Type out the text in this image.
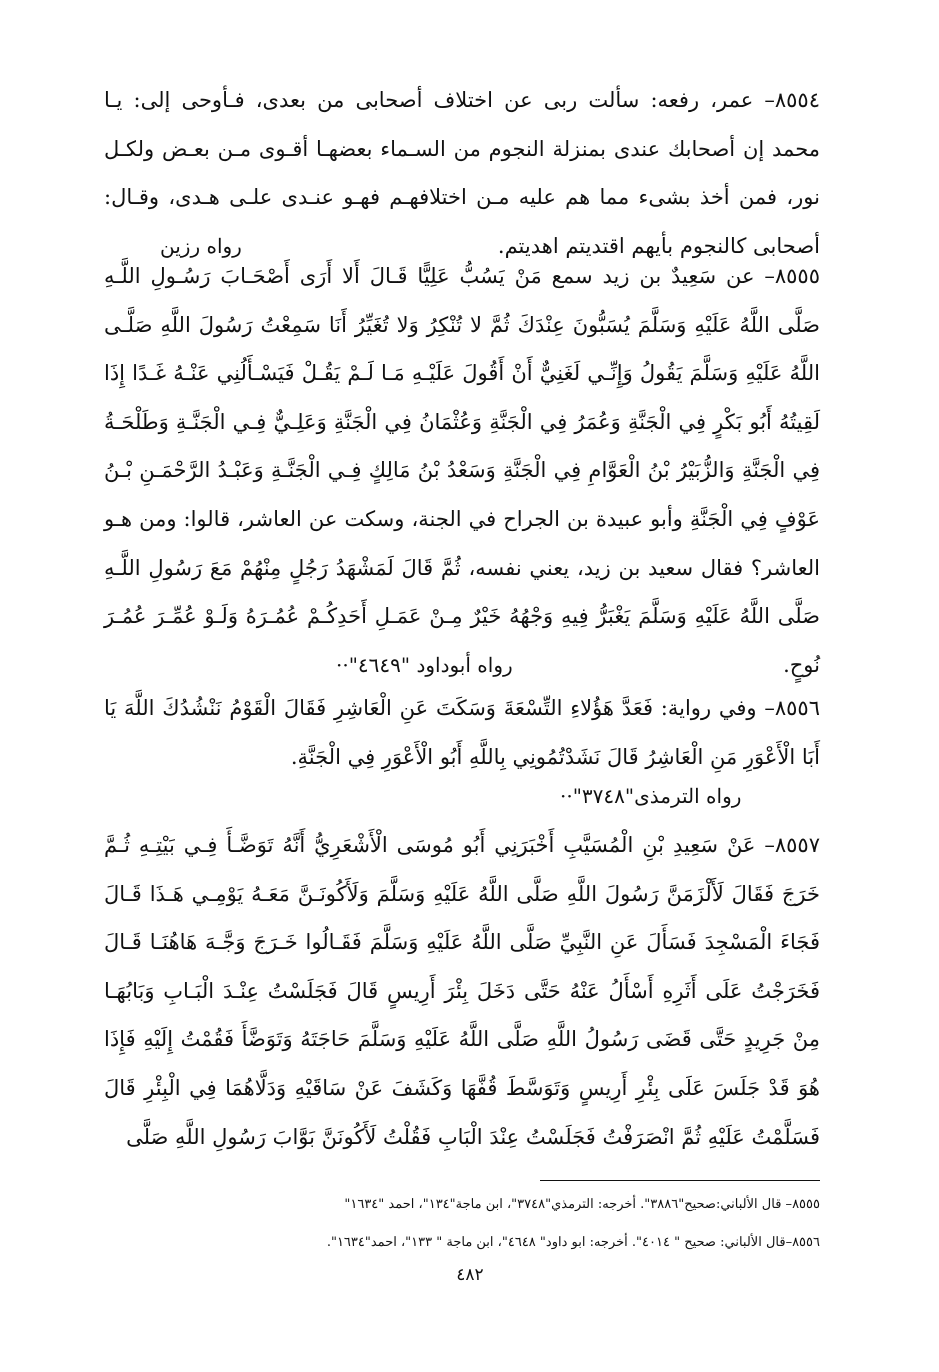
٨٥٥٤– عمر، رفعه: سألت ربى عن اختلاف أصحابى من بعدى، فـأوحى إلى: يـا محمد إن أصحابك عندى بمنزلة النجوم من السـماء بعضهـا أقـوى مـن بعـض ولكـل نور، فمن أخذ بشىء مما هم عليه مـن اختلافهـم فهـو عنـدى علـى هـدى، وقـال: أصحابى كالنجوم بأيهم اقتديتم اهديتم.

رواه رزين

٨٥٥٥– عن سَعِيدٌ بن زيد سمع مَنْ يَسُبُّ عَلِيًّا قَـالَ أَلا أَرَى أَصْحَـابَ رَسُـولِ اللَّـهِ صَلَّى اللَّهُ عَلَيْهِ وَسَلَّمَ يُسَبُّونَ عِنْدَكَ ثُمَّ لا تُنْكِرُ وَلا تُغَيِّرُ أَنَا سَمِعْتُ رَسُولَ اللَّهِ صَلَّـى اللَّهُ عَلَيْهِ وَسَلَّمَ يَقُولُ وَإِنِّـي لَغَنِيٌّ أَنْ أَقُولَ عَلَيْـهِ مَـا لَـمْ يَقُـلْ فَيَسْـأَلُنِي عَنْـهُ غَـدًا إِذَا لَقِيتُهُ أَبُو بَكْرٍ فِي الْجَنَّةِ وَعُمَرُ فِي الْجَنَّةِ وَعُثْمَانُ فِي الْجَنَّةِ وَعَلِـيٌّ فِـي الْجَنَّـةِ وَطَلْحَـةُ فِي الْجَنَّةِ وَالزُّبَيْرُ بْنُ الْعَوَّامِ فِي الْجَنَّةِ وَسَعْدُ بْنُ مَالِكٍ فِـي الْجَنَّـةِ وَعَبْـدُ الرَّحْمَـنِ بْـنُ عَوْفٍ فِي الْجَنَّةِ وأبو عبيدة بن الجراح في الجنة، وسكت عن العاشر، قالوا: ومن هـو العاشر؟ فقال سعيد بن زيد، يعني نفسه، ثُمَّ قَالَ لَمَشْهَدُ رَجُلٍ مِنْهُمْ مَعَ رَسُولِ اللَّـهِ صَلَّى اللَّهُ عَلَيْهِ وَسَلَّمَ يَغْبَرُّ فِيهِ وَجْهُهُ خَيْرٌ مِـنْ عَمَـلِ أَحَدِكُـمْ عُمُـرَهُ وَلَـوْ عُمِّـرَ عُمُـرَ نُوحٍ.

رواه أبوداود "٤٦٤٩"··

٨٥٥٦– وفي رواية: فَعَدَّ هَؤُلاءِ التِّسْعَةَ وَسَكَتَ عَنِ الْعَاشِرِ فَقَالَ الْقَوْمُ نَنْشُدُكَ اللَّهَ يَا أَبَا الْأَعْوَرِ مَنِ الْعَاشِرُ قَالَ نَشَدْتُمُونِي بِاللَّهِ أَبُو الْأَعْوَرِ فِي الْجَنَّةِ.

رواه الترمذى"٣٧٤٨"··

٨٥٥٧– عَنْ سَعِيدِ بْنِ الْمُسَيَّبِ أَخْبَرَنِي أَبُو مُوسَى الْأَشْعَرِيُّ أَنَّهُ تَوَضَّـأَ فِـي بَيْتِـهِ ثُـمَّ خَرَجَ فَقَالَ لَأَلْزَمَنَّ رَسُولَ اللَّهِ صَلَّى اللَّهُ عَلَيْهِ وَسَلَّمَ وَلَأَكُونَـنَّ مَعَـهُ يَوْمِـي هَـذَا قَـالَ فَجَاءَ الْمَسْجِدَ فَسَأَلَ عَنِ النَّبِيِّ صَلَّى اللَّهُ عَلَيْهِ وَسَلَّمَ فَقَـالُوا خَـرَجَ وَجَّـهَ هَاهُنَـا قَـالَ فَخَرَجْتُ عَلَى أَثَرِهِ أَسْأَلُ عَنْهُ حَتَّى دَخَلَ بِئْرَ أَرِيسٍ قَالَ فَجَلَسْتُ عِنْـدَ الْبَـابِ وَبَابُهَـا مِنْ جَرِيدٍ حَتَّى قَضَى رَسُولُ اللَّهِ صَلَّى اللَّهُ عَلَيْهِ وَسَلَّمَ حَاجَتَهُ وَتَوَضَّأَ فَقُمْتُ إِلَيْهِ فَإِذَا هُوَ قَدْ جَلَسَ عَلَى بِئْرِ أَرِيسٍ وَتَوَسَّطَ قُفَّهَا وَكَشَفَ عَنْ سَاقَيْهِ وَدَلَّاهُمَا فِي الْبِئْرِ قَالَ فَسَلَّمْتُ عَلَيْهِ ثُمَّ انْصَرَفْتُ فَجَلَسْتُ عِنْدَ الْبَابِ فَقُلْتُ لَأَكُونَنَّ بَوَّابَ رَسُولِ اللَّهِ صَلَّى

٨٥٥٥– قال الألباني:صحيح"٣٨٨٦". أخرجه: الترمذي"٣٧٤٨"، ابن ماجة"١٣٤"، احمد "١٦٣٤"

٨٥٥٦–قال الألباني: صحيح " ٤٠١٤". أخرجه: ابو داود" ٤٦٤٨"، ابن ماجة " ١٣٣"، احمد"١٦٣٤".

٤٨٢
